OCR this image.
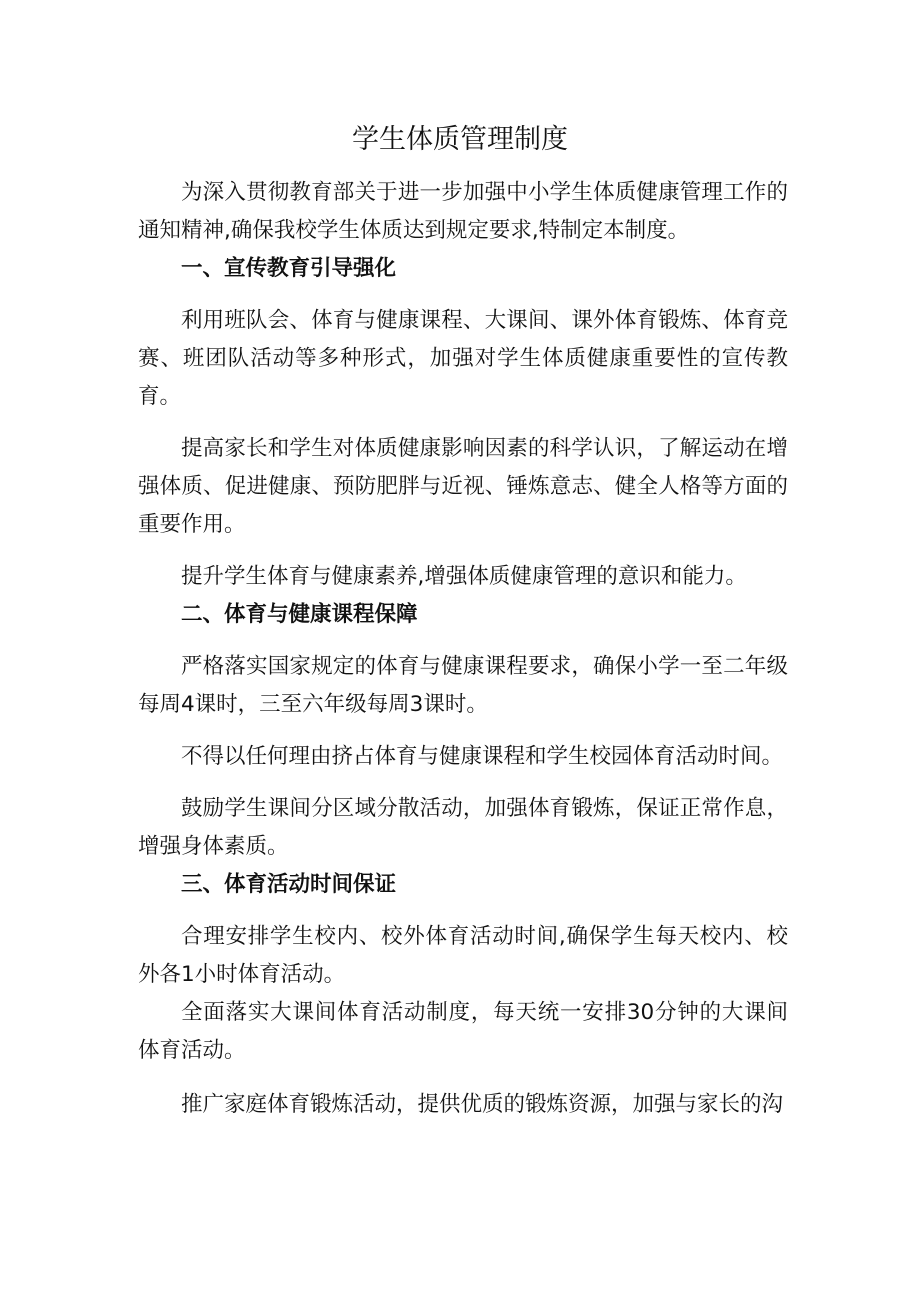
学生体质管理制度

为深入贯彻教育部关于进一步加强中小学生体质健康管理工作的通知精神,确保我校学生体质达到规定要求,特制定本制度。

一、宣传教育引导强化

利用班队会、体育与健康课程、大课间、课外体育锻炼、体育竞赛、班团队活动等多种形式，加强对学生体质健康重要性的宣传教育。

提高家长和学生对体质健康影响因素的科学认识，了解运动在增强体质、促进健康、预防肥胖与近视、锤炼意志、健全人格等方面的重要作用。

提升学生体育与健康素养,增强体质健康管理的意识和能力。

二、体育与健康课程保障

严格落实国家规定的体育与健康课程要求，确保小学一至二年级每周4课时，三至六年级每周3课时。

不得以任何理由挤占体育与健康课程和学生校园体育活动时间。

鼓励学生课间分区域分散活动，加强体育锻炼，保证正常作息，增强身体素质。

三、体育活动时间保证

合理安排学生校内、校外体育活动时间,确保学生每天校内、校外各1小时体育活动。

全面落实大课间体育活动制度，每天统一安排30分钟的大课间体育活动。

推广家庭体育锻炼活动，提供优质的锻炼资源，加强与家长的沟
